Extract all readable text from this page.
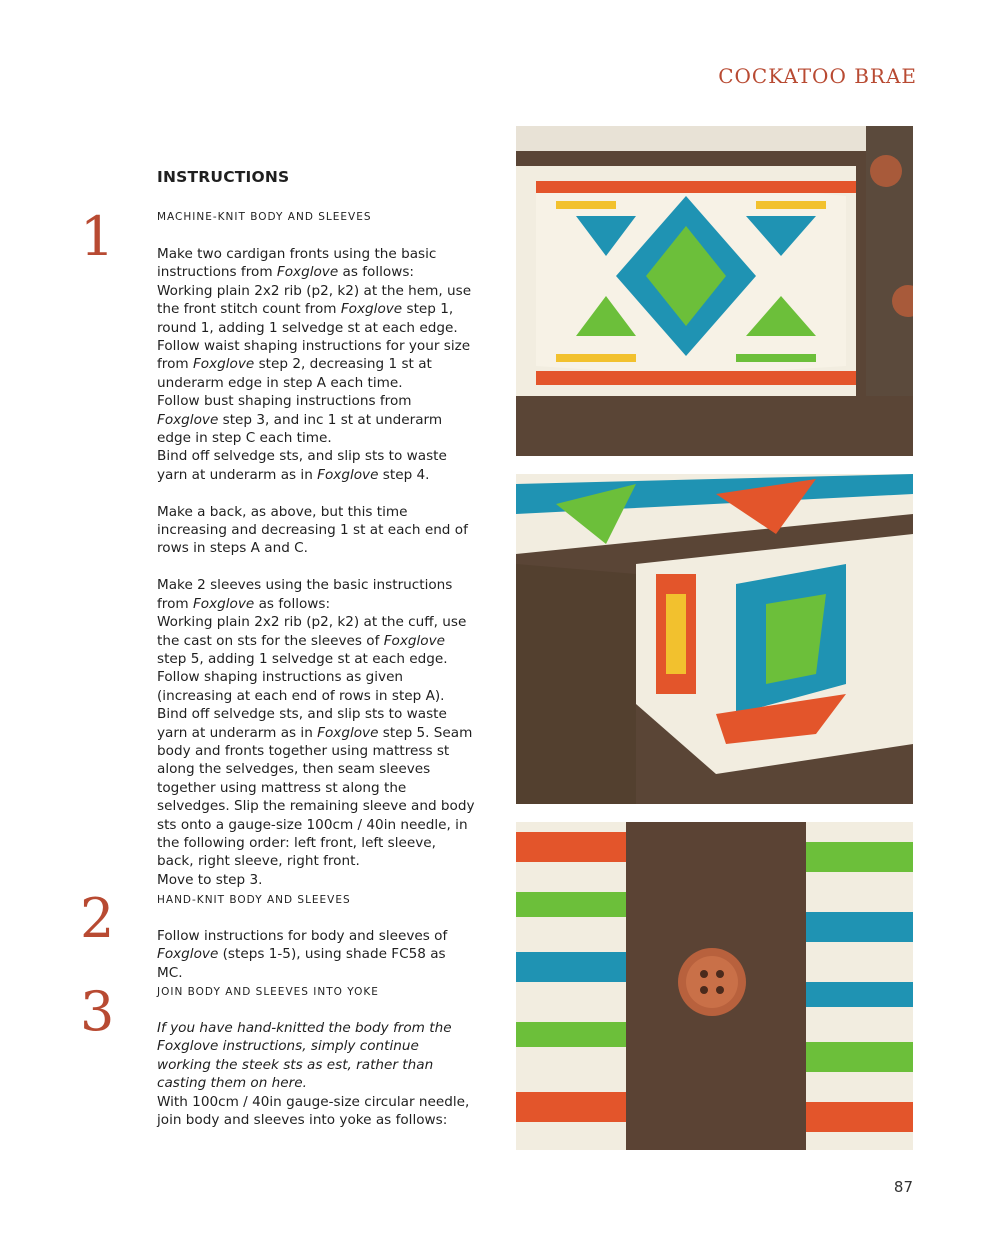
COCKATOO BRAE
INSTRUCTIONS
1	MACHINE-KNIT BODY AND SLEEVES

Make two cardigan fronts using the basic instructions from Foxglove as follows:
Working plain 2x2 rib (p2, k2) at the hem, use the front stitch count from Foxglove step 1, round 1, adding 1 selvedge st at each edge. Follow waist shaping instructions for your size from Foxglove step 2, decreasing 1 st at underarm edge in step A each time.
Follow bust shaping instructions from Foxglove step 3, and inc 1 st at underarm edge in step C each time.
Bind off selvedge sts, and slip sts to waste yarn at underarm as in Foxglove step 4.

Make a back, as above, but this time increasing and decreasing 1 st at each end of rows in steps A and C.

Make 2 sleeves using the basic instructions from Foxglove as follows:
Working plain 2x2 rib (p2, k2) at the cuff, use the cast on sts for the sleeves of Foxglove step 5, adding 1 selvedge st at each edge.
Follow shaping instructions as given (increasing at each end of rows in step A). Bind off selvedge sts, and slip sts to waste yarn at underarm as in Foxglove step 5. Seam body and fronts together using mattress st along the selvedges, then seam sleeves together using mattress st along the selvedges. Slip the remaining sleeve and body sts onto a gauge-size 100cm / 40in needle, in the following order: left front, left sleeve, back, right sleeve, right front.
Move to step 3.

2	HAND-KNIT BODY AND SLEEVES

Follow instructions for body and sleeves of Foxglove (steps 1-5), using shade FC58 as MC.

3	JOIN BODY AND SLEEVES INTO YOKE

If you have hand-knitted the body from the Foxglove instructions, simply continue working the steek sts as est, rather than casting them on here.
With 100cm / 40in gauge-size circular needle, join body and sleeves into yoke as follows:

87
